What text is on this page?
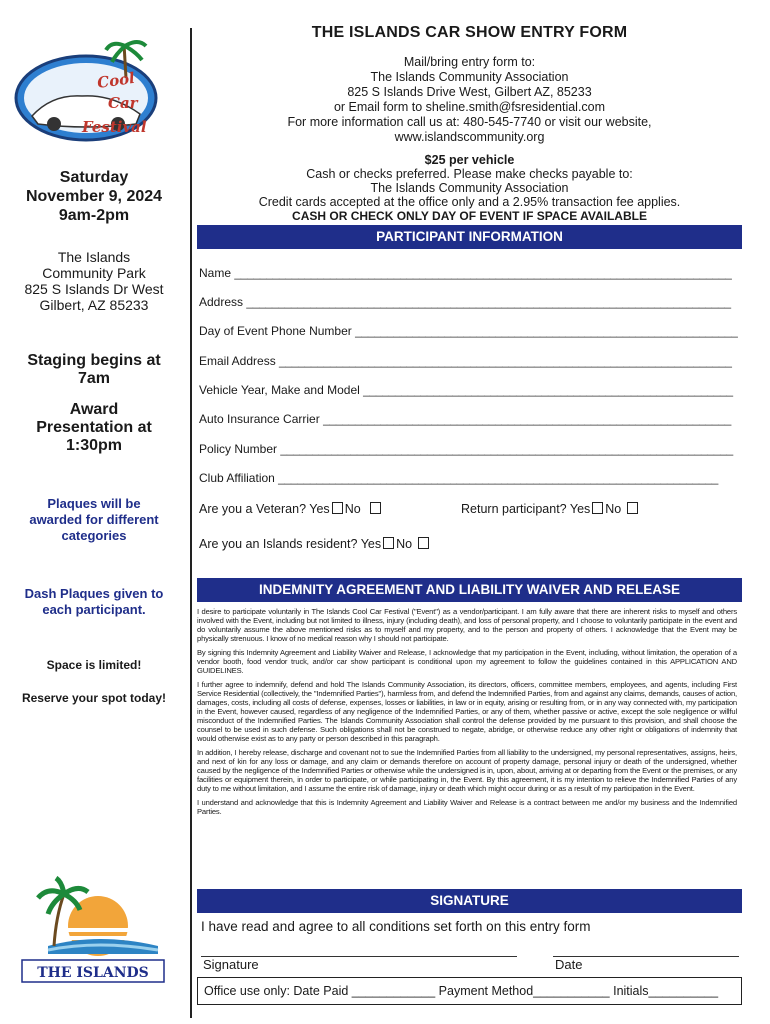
Cool
Car
Festival
Saturday
November 9, 2024
9am-2pm
The Islands
Community Park
825 S Islands Dr West
Gilbert, AZ 85233
Staging begins at
7am
Award
Presentation at
1:30pm
Plaques will be
awarded for different
categories
Dash Plaques given to
each participant.
Space is limited!
Reserve your spot today!
THE ISLANDS
THE ISLANDS CAR SHOW ENTRY FORM
Mail/bring entry form to:
The Islands Community Association
825 S Islands Drive West, Gilbert AZ, 85233
or Email form to sheline.smith@fsresidential.com
For more information call us at: 480-545-7740 or visit our website,
www.islandscommunity.org
$25 per vehicle
Cash or checks preferred. Please make checks payable to:
The Islands Community Association
Credit cards accepted at the office only and a 2.95% transaction fee applies.
CASH OR CHECK ONLY DAY OF EVENT IF SPACE AVAILABLE
PARTICIPANT INFORMATION
Name ______________________________________________________________________________
Address ____________________________________________________________________________
Day of Event Phone Number ____________________________________________________________
Email Address _______________________________________________________________________
Vehicle Year, Make and Model __________________________________________________________
Auto Insurance Carrier ________________________________________________________________
Policy Number _______________________________________________________________________
Club Affiliation _____________________________________________________________________
Are you a Veteran? Yes No	Return participant? Yes No
Are you an Islands resident? Yes No
INDEMNITY AGREEMENT AND LIABILITY WAIVER AND RELEASE

I desire to participate voluntarily in The Islands Cool Car Festival ("Event") as a vendor/participant. I am fully aware that there are inherent risks to myself and others involved with the Event, including but not limited to illness, injury (including death), and loss of personal property, and I choose to voluntarily participate in the event and do voluntarily assume the above mentioned risks as to myself and my property, and to the person and property of others. I acknowledge that the Event may be physically strenuous. I know of no medical reason why I should not participate.

By signing this Indemnity Agreement and Liability Waiver and Release, I acknowledge that my participation in the Event, including, without limitation, the operation of a vendor booth, food vendor truck, and/or car show participant is conditional upon my agreement to follow the guidelines contained in this APPLICATION AND GUIDELINES.

I further agree to indemnify, defend and hold The Islands Community Association, its directors, officers, committee members, employees, and agents, including First Service Residential (collectively, the "Indemnified Parties"), harmless from, and defend the Indemnified Parties, from and against any claims, demands, causes of action, damages, costs, including all costs of defense, expenses, losses or liabilities, in law or in equity, arising or resulting from, or in any way connected with, my participation in the Event, however caused, regardless of any negligence of the Indemnified Parties, or any of them, whether passive or active, except the sole negligence or willful misconduct of the Indemnified Parties. The Islands Community Association shall control the defense provided by me pursuant to this provision, and shall choose the counsel to be used in such defense. Such obligations shall not be construed to negate, abridge, or otherwise reduce any other right or obligations of indemnity that would otherwise exist as to any party or person described in this paragraph.

In addition, I hereby release, discharge and covenant not to sue the Indemnified Parties from all liability to the undersigned, my personal representatives, assigns, heirs, and next of kin for any loss or damage, and any claim or demands therefore on account of property damage, personal injury or death of the undersigned, whether caused by the negligence of the Indemnified Parties or otherwise while the undersigned is in, upon, about, arriving at or departing from the Event or the premises, or any facilities or equipment therein, in order to participate, or while participating in, the Event. By this agreement, it is my intention to relieve the Indemnified Parties of any duty to me without limitation, and I assume the entire risk of damage, injury or death which might occur during or as a result of my participation in the Event.

I understand and acknowledge that this is Indemnity Agreement and Liability Waiver and Release is a contract between me and/or my business and the Indemnified Parties.

SIGNATURE
I have read and agree to all conditions set forth on this entry form
Signature	Date
Office use only: Date Paid ____________ Payment Method___________ Initials__________
